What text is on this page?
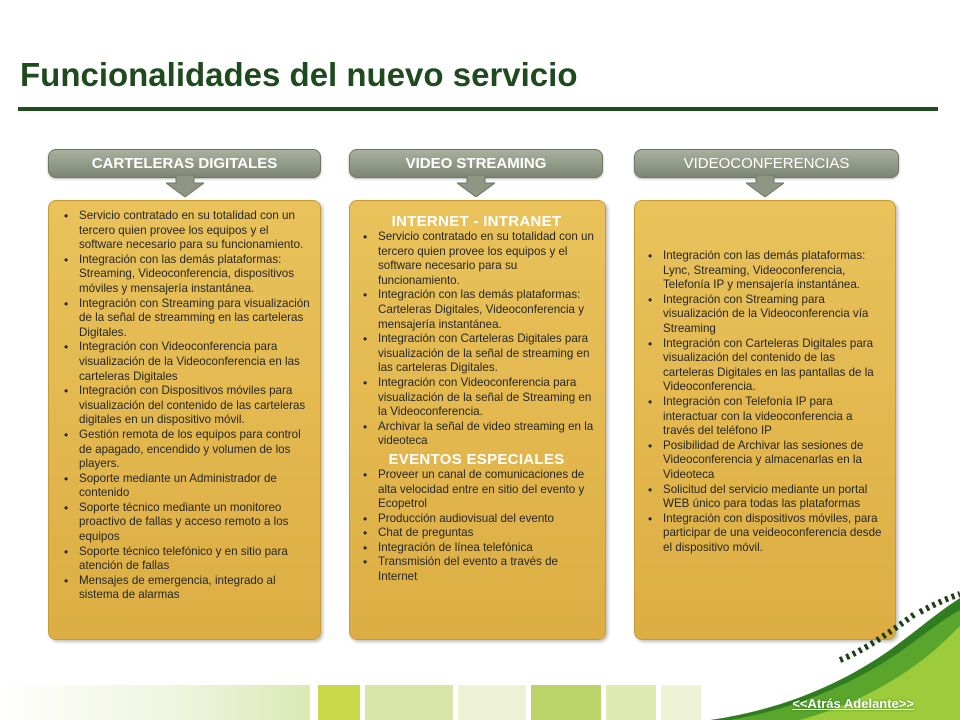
Funcionalidades del nuevo servicio
CARTELERAS DIGITALES
• Servicio contratado en su totalidad con un tercero quien provee los equipos y el software necesario para su funcionamiento.
• Integración con las demás plataformas: Streaming, Videoconferencia, dispositivos móviles y mensajería instantánea.
• Integración con Streaming para visualización de la señal de streamming en las carteleras Digitales.
• Integración con Videoconferencia para visualización de la Videoconferencia en las carteleras Digitales
• Integración con Dispositivos móviles para visualización del contenido de las carteleras digitales en un dispositivo móvil.
• Gestión remota de los equipos para control de apagado, encendido y volumen de los players.
• Soporte mediante un Administrador de contenido
• Soporte técnico mediante un monitoreo proactivo de fallas y acceso remoto a los equipos
• Soporte técnico telefónico y en sitio para atención de fallas
• Mensajes de emergencia, integrado al sistema de alarmas
VIDEO STREAMING

INTERNET - INTRANET

• Servicio contratado en su totalidad con un tercero quien provee los equipos y el software necesario para su funcionamiento.
• Integración con las demás plataformas: Carteleras Digitales, Videoconferencia y mensajería instantánea.
• Integración con Carteleras Digitales para visualización de la señal de streaming en las carteleras Digitales.
• Integración con Videoconferencia para visualización de la señal de Streaming en la Videoconferencia.
• Archivar la señal de video streaming en la videoteca

EVENTOS ESPECIALES

• Proveer un canal de comunicaciones de alta velocidad entre en sitio del evento y Ecopetrol
• Producción audiovisual del evento
• Chat de preguntas
• Integración de línea telefónica
• Transmisión del evento a través de Internet
VIDEOCONFERENCIAS
• Integración con las demás plataformas: Lync, Streaming, Videoconferencia, Telefonía IP y mensajería instantánea.
• Integración con Streaming para visualización de la Videoconferencia vía Streaming
• Integración con Carteleras Digitales para visualización del contenido de las carteleras Digitales en las pantallas de la Videoconferencia.
• Integración con Telefonía IP para interactuar con la videoconferencia a través del teléfono IP
• Posibilidad de Archivar las sesiones de Videoconferencia y almacenarlas en la Videoteca
• Solicitud del servicio mediante un portal WEB único para todas las plataformas
• Integración con dispositivos móviles, para participar de una veideoconferencia desde el dispositivo móvil.
<<Atrás Adelante>>
